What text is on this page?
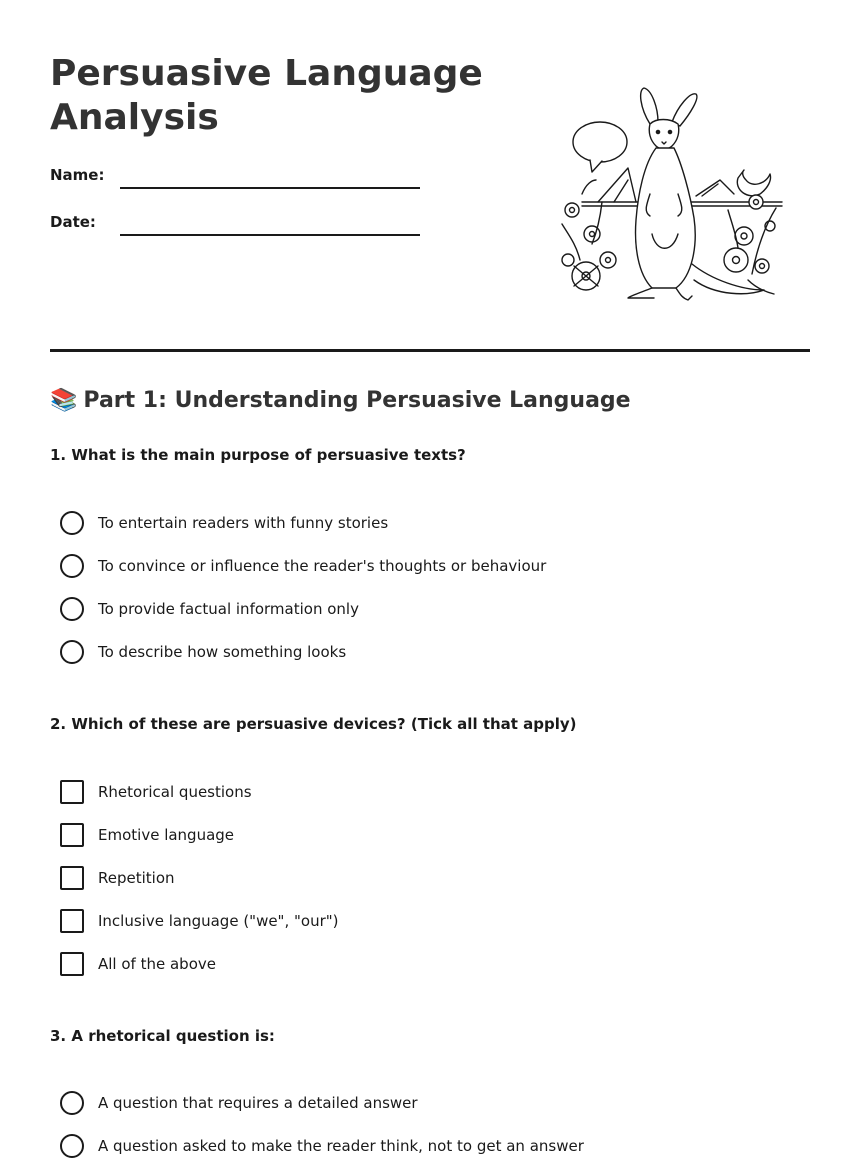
Persuasive Language Analysis
Name:
Date:
📚 Part 1: Understanding Persuasive Language
1. What is the main purpose of persuasive texts?
To entertain readers with funny stories
To convince or influence the reader's thoughts or behaviour
To provide factual information only
To describe how something looks
2. Which of these are persuasive devices? (Tick all that apply)
Rhetorical questions
Emotive language
Repetition
Inclusive language ("we", "our")
All of the above
3. A rhetorical question is:
A question that requires a detailed answer
A question asked to make the reader think, not to get an answer
